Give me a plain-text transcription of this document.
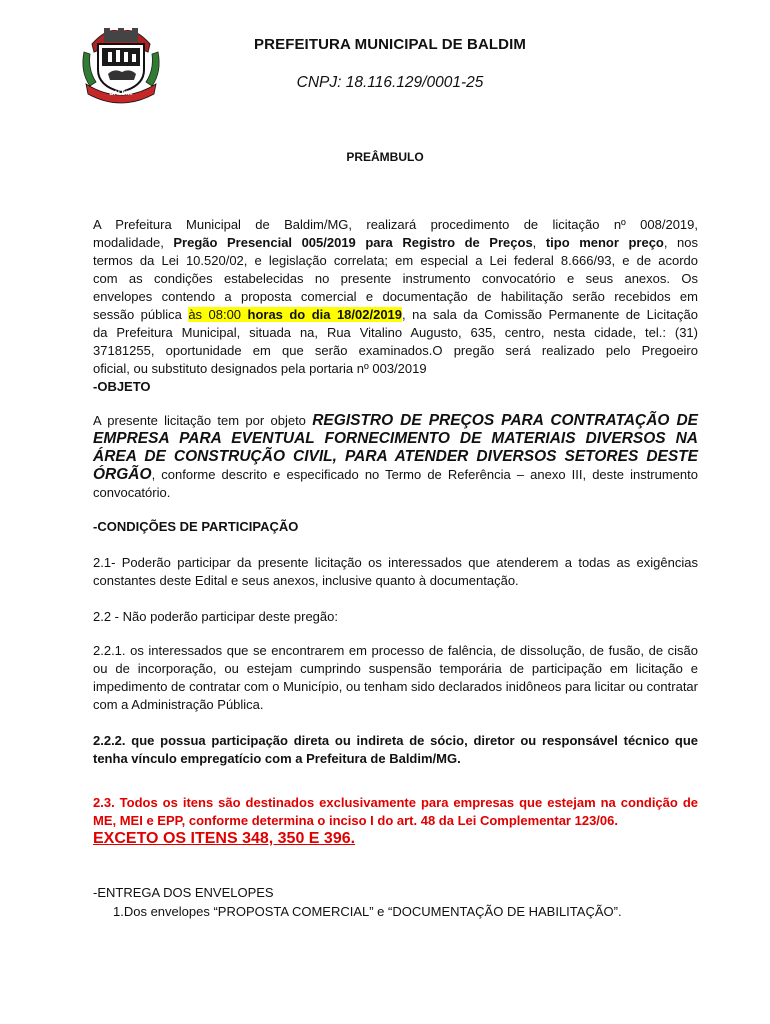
BALDIM
PREFEITURA MUNICIPAL DE BALDIM
CNPJ: 18.116.129/0001-25
PREÂMBULO
A Prefeitura Municipal de Baldim/MG, realizará procedimento de licitação nº 008/2019,
modalidade, Pregão Presencial 005/2019 para Registro de Preços, tipo menor preço, nos
termos da Lei 10.520/02, e legislação correlata; em especial a Lei federal 8.666/93, e de acordo
com as condições estabelecidas no presente instrumento convocatório e seus anexos. Os
envelopes contendo a proposta comercial e documentação de habilitação serão recebidos em
sessão pública às 08:00 horas do dia 18/02/2019, na sala da Comissão Permanente de Licitação
da Prefeitura Municipal, situada na, Rua Vitalino Augusto, 635, centro, nesta cidade, tel.: (31)
37181255, oportunidade em que serão examinados.O pregão será realizado pelo Pregoeiro
oficial, ou substituto designados pela portaria nº 003/2019
-OBJETO
A presente licitação tem por objeto REGISTRO DE PREÇOS PARA CONTRATAÇÃO DE EMPRESA PARA EVENTUAL FORNECIMENTO DE MATERIAIS DIVERSOS NA ÁREA DE CONSTRUÇÃO CIVIL, PARA ATENDER DIVERSOS SETORES DESTE ÓRGÃO, conforme descrito e especificado no Termo de Referência – anexo III, deste instrumento convocatório.
-CONDIÇÕES DE PARTICIPAÇÃO
2.1- Poderão participar da presente licitação os interessados que atenderem a todas as exigências constantes deste Edital e seus anexos, inclusive quanto à documentação.
2.2 - Não poderão participar deste pregão:
2.2.1. os interessados que se encontrarem em processo de falência, de dissolução, de fusão, de cisão ou de incorporação, ou estejam cumprindo suspensão temporária de participação em licitação e impedimento de contratar com o Município, ou tenham sido declarados inidôneos para licitar ou contratar com a Administração Pública.
2.2.2. que possua participação direta ou indireta de sócio, diretor ou responsável técnico que tenha vínculo empregatício com a Prefeitura de Baldim/MG.
2.3. Todos os itens são destinados exclusivamente para empresas que estejam na condição de ME, MEI e EPP, conforme determina o inciso I do art. 48 da Lei Complementar 123/06.
EXCETO OS ITENS 348, 350 E 396.
-ENTREGA DOS ENVELOPES
1.Dos envelopes “PROPOSTA COMERCIAL” e “DOCUMENTAÇÃO DE HABILITAÇÃO”.
